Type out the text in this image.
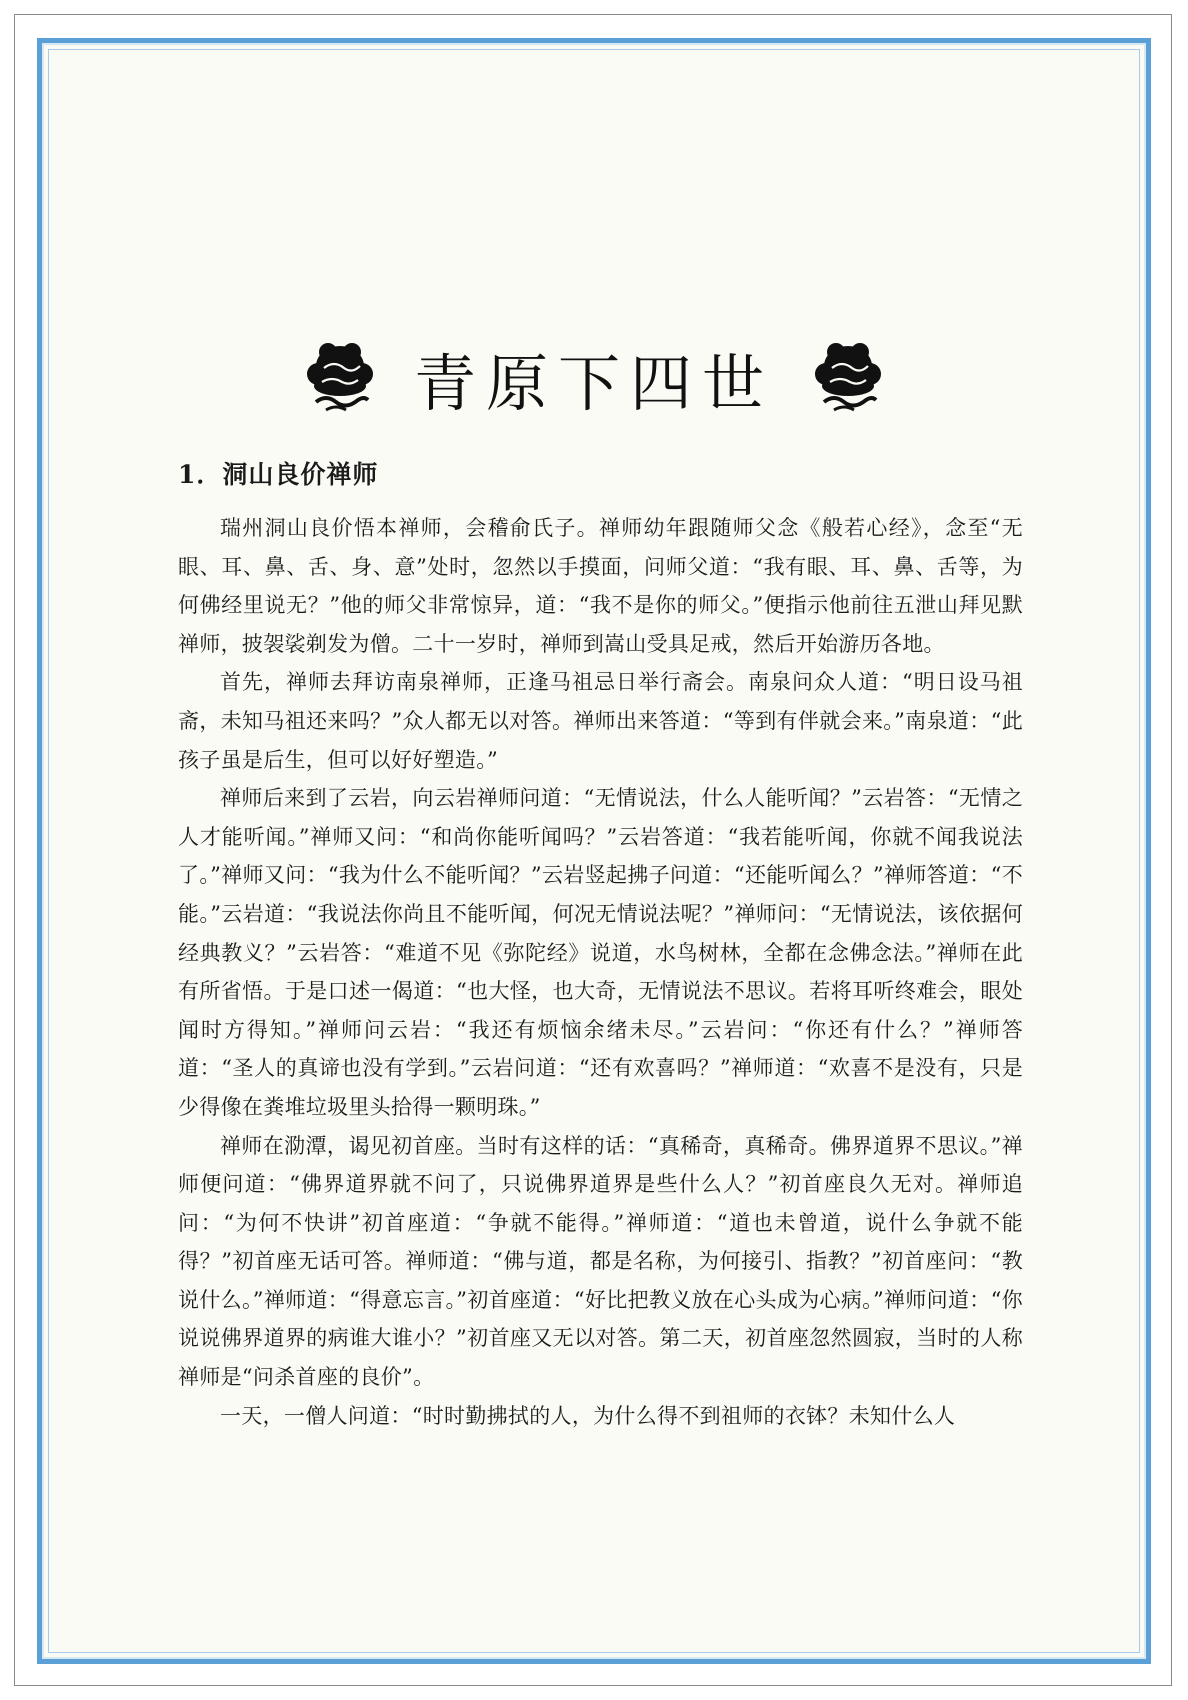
青原下四世
1．洞山良价禅师

瑞州洞山良价悟本禅师，会稽俞氏子。禅师幼年跟随师父念《般若心经》，念至“无眼、耳、鼻、舌、身、意”处时，忽然以手摸面，问师父道：“我有眼、耳、鼻、舌等，为何佛经里说无？”他的师父非常惊异，道：“我不是你的师父。”便指示他前往五泄山拜见默禅师，披袈裟剃发为僧。二十一岁时，禅师到嵩山受具足戒，然后开始游历各地。

首先，禅师去拜访南泉禅师，正逢马祖忌日举行斋会。南泉问众人道：“明日设马祖斋，未知马祖还来吗？”众人都无以对答。禅师出来答道：“等到有伴就会来。”南泉道：“此孩子虽是后生，但可以好好塑造。”

禅师后来到了云岩，向云岩禅师问道：“无情说法，什么人能听闻？”云岩答：“无情之人才能听闻。”禅师又问：“和尚你能听闻吗？”云岩答道：“我若能听闻，你就不闻我说法了。”禅师又问：“我为什么不能听闻？”云岩竖起拂子问道：“还能听闻么？”禅师答道：“不能。”云岩道：“我说法你尚且不能听闻，何况无情说法呢？”禅师问：“无情说法，该依据何经典教义？”云岩答：“难道不见《弥陀经》说道，水鸟树林，全都在念佛念法。”禅师在此有所省悟。于是口述一偈道：“也大怪，也大奇，无情说法不思议。若将耳听终难会，眼处闻时方得知。”禅师问云岩：“我还有烦恼余绪未尽。”云岩问：“你还有什么？”禅师答道：“圣人的真谛也没有学到。”云岩问道：“还有欢喜吗？”禅师道：“欢喜不是没有，只是少得像在粪堆垃圾里头拾得一颗明珠。”

禅师在泐潭，谒见初首座。当时有这样的话：“真稀奇，真稀奇。佛界道界不思议。”禅师便问道：“佛界道界就不问了，只说佛界道界是些什么人？”初首座良久无对。禅师追问：“为何不快讲”初首座道：“争就不能得。”禅师道：“道也未曾道，说什么争就不能得？”初首座无话可答。禅师道：“佛与道，都是名称，为何接引、指教？”初首座问：“教说什么。”禅师道：“得意忘言。”初首座道：“好比把教义放在心头成为心病。”禅师问道：“你说说佛界道界的病谁大谁小？”初首座又无以对答。第二天，初首座忽然圆寂，当时的人称禅师是“问杀首座的良价”。

一天，一僧人问道：“时时勤拂拭的人，为什么得不到祖师的衣钵？未知什么人
